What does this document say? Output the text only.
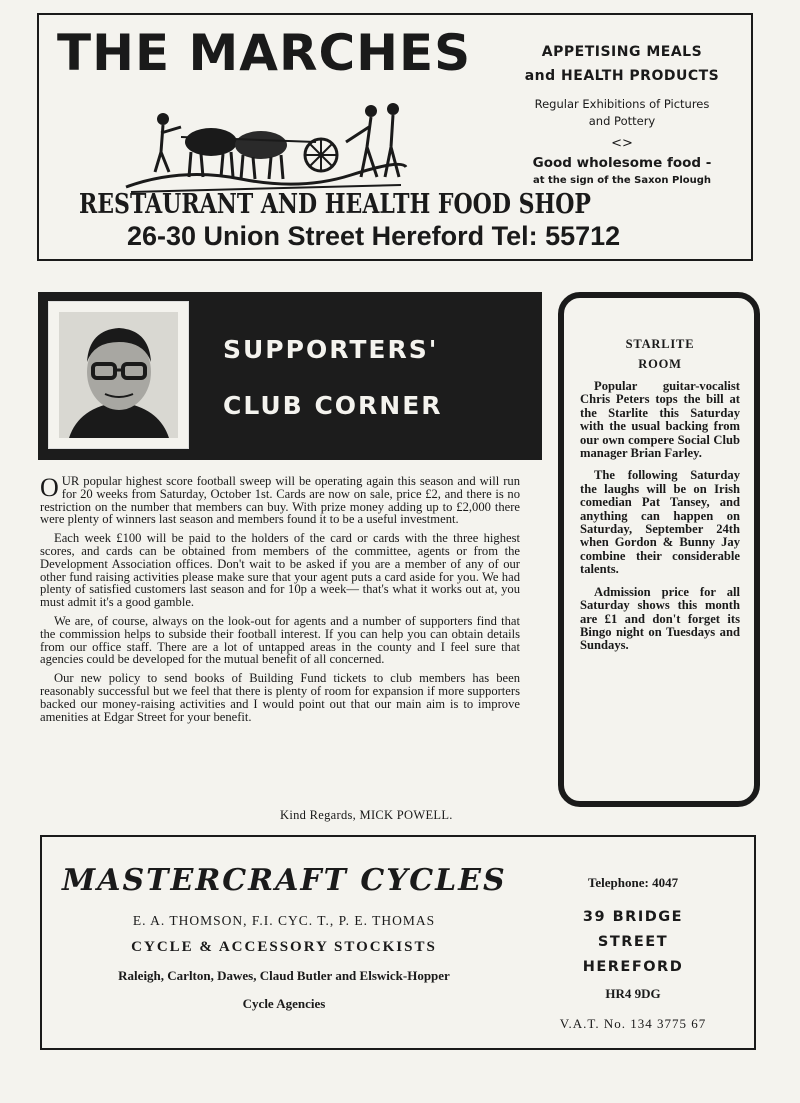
THE MARCHES
RESTAURANT AND HEALTH FOOD SHOP
26-30 Union Street Hereford Tel: 55712
APPETISING MEALS
and HEALTH PRODUCTS
Regular Exhibitions of Pictures
and Pottery
<>
Good wholesome food -
at the sign of the Saxon Plough
SUPPORTERS'
CLUB CORNER

OUR popular highest score football sweep will be operating again this season and will run for 20 weeks from Saturday, October 1st. Cards are now on sale, price £2, and there is no restriction on the number that members can buy. With prize money adding up to £2,000 there were plenty of winners last season and members found it to be a useful investment.

Each week £100 will be paid to the holders of the card or cards with the three highest scores, and cards can be obtained from members of the committee, agents or from the Development Association offices. Don't wait to be asked if you are a member of any of our other fund raising activities please make sure that your agent puts a card aside for you. We had plenty of satisfied customers last season and for 10p a week— that's what it works out at, you must admit it's a good gamble.

We are, of course, always on the look-out for agents and a number of supporters find that the commission helps to subside their football interest. If you can help you can obtain details from our office staff. There are a lot of untapped areas in the county and I feel sure that agencies could be developed for the mutual benefit of all concerned.

Our new policy to send books of Building Fund tickets to club members has been reasonably successful but we feel that there is plenty of room for expansion if more supporters backed our money-raising activities and I would point out that our main aim is to improve amenities at Edgar Street for your benefit.

Kind Regards, MICK POWELL.
STARLITE
ROOM

Popular guitar-vocalist Chris Peters tops the bill at the Starlite this Saturday with the usual backing from our own compere Social Club manager Brian Farley.

The following Saturday the laughs will be on Irish comedian Pat Tansey, and anything can happen on Saturday, September 24th when Gordon & Bunny Jay combine their considerable talents.

Admission price for all Saturday shows this month are £1 and don't forget its Bingo night on Tuesdays and Sundays.

MASTERCRAFT CYCLES
E. A. THOMSON, F.I. CYC. T., P. E. THOMAS
CYCLE & ACCESSORY STOCKISTS
Raleigh, Carlton, Dawes, Claud Butler and Elswick-Hopper
Cycle Agencies
Telephone: 4047
39 BRIDGE STREET
HEREFORD
HR4 9DG
V.A.T. No. 134 3775 67
